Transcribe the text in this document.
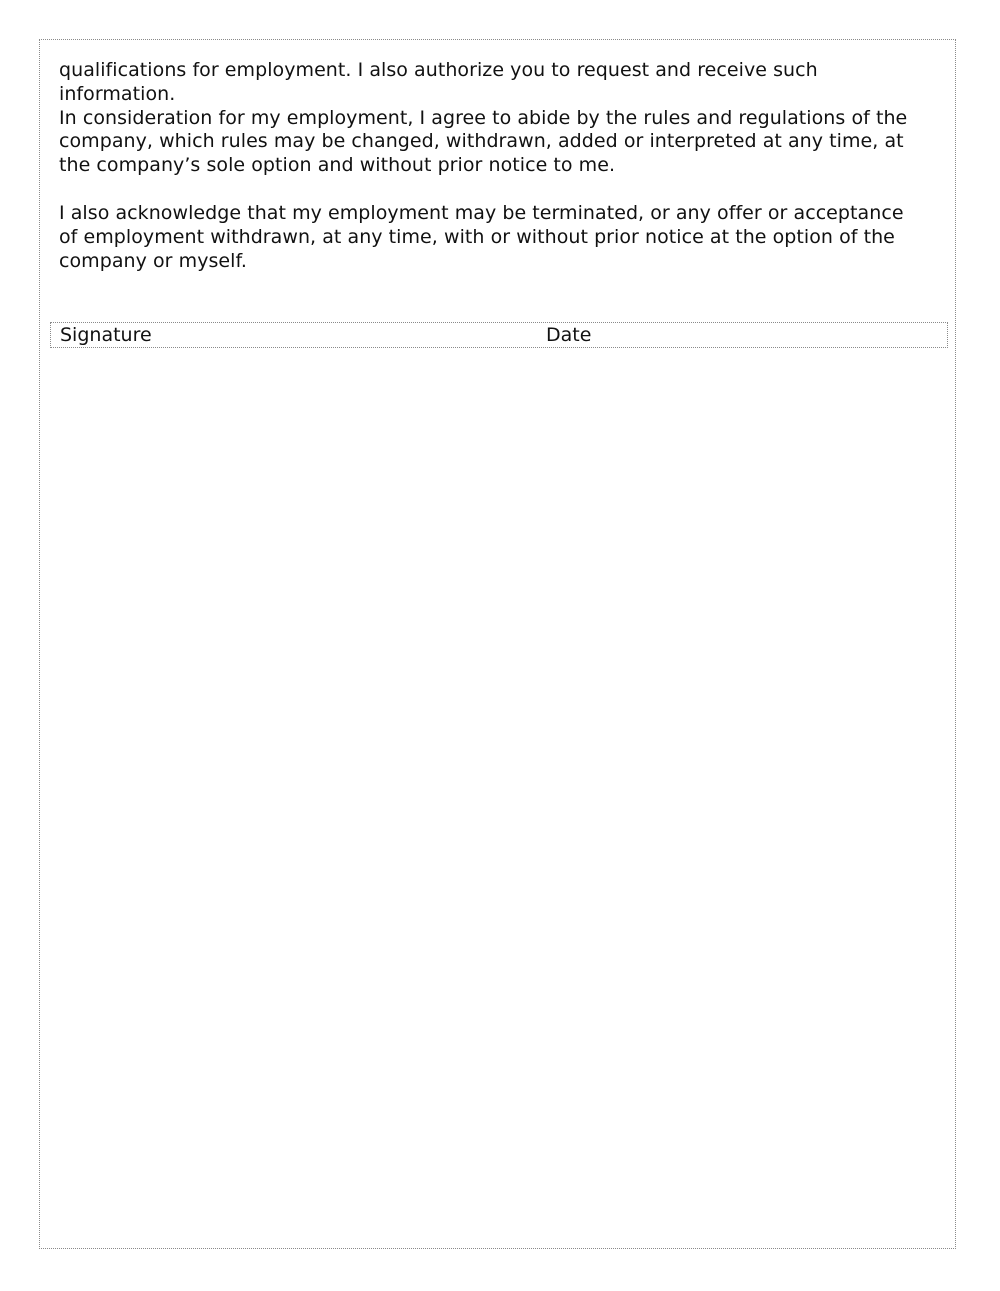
qualifications for employment. I also authorize you to request and receive such
information.

In consideration for my employment, I agree to abide by the rules and regulations of the
company, which rules may be changed, withdrawn, added or interpreted at any time, at
the company’s sole option and without prior notice to me.

I also acknowledge that my employment may be terminated, or any offer or acceptance
of employment withdrawn, at any time, with or without prior notice at the option of the
company or myself.

Signature	Date
